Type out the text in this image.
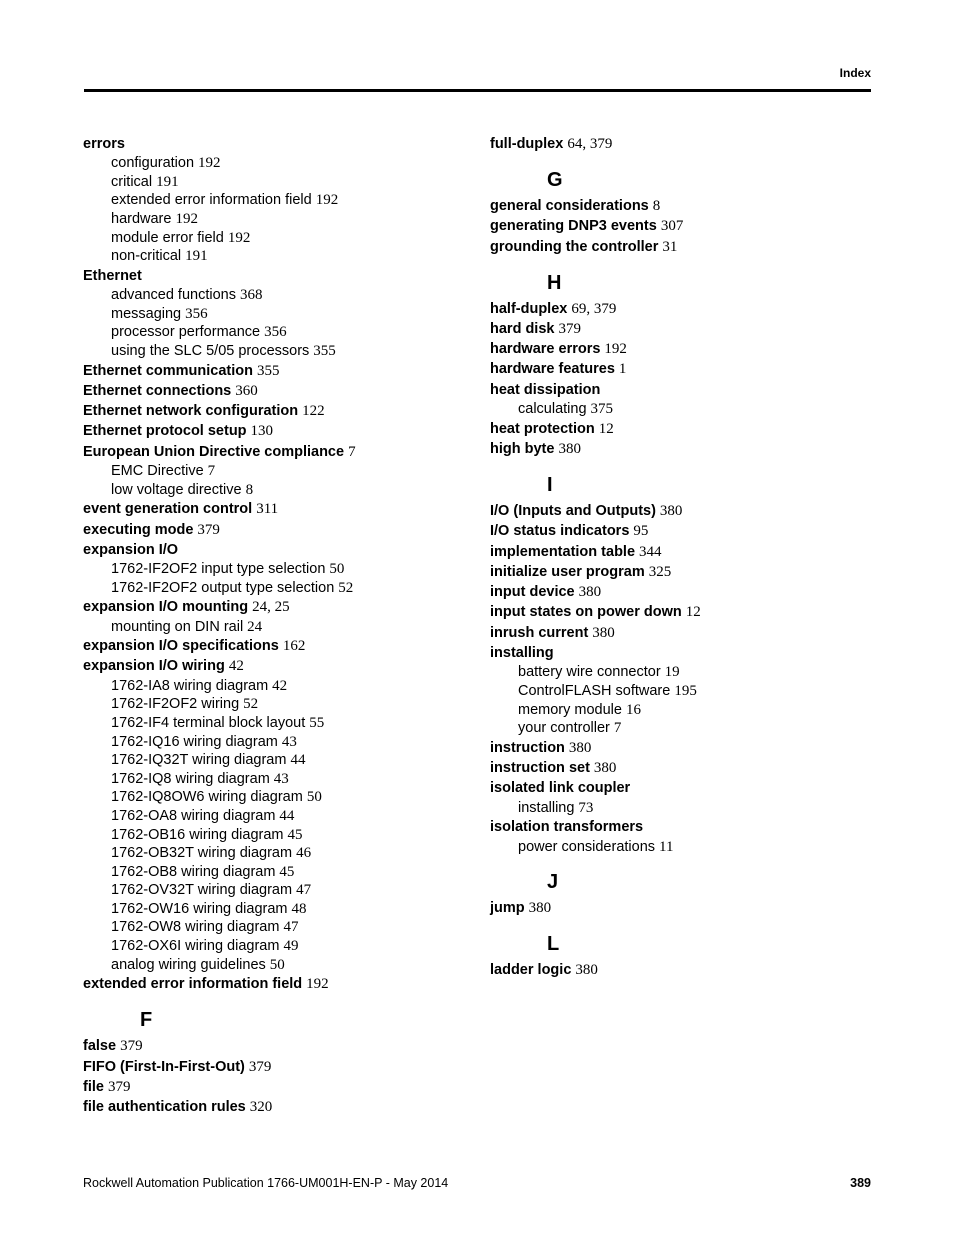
Index
errors
configuration 192
critical 191
extended error information field 192
hardware 192
module error field 192
non-critical 191
Ethernet
advanced functions 368
messaging 356
processor performance 356
using the SLC 5/05 processors 355
Ethernet communication 355
Ethernet connections 360
Ethernet network configuration 122
Ethernet protocol setup 130
European Union Directive compliance 7
EMC Directive 7
low voltage directive 8
event generation control 311
executing mode 379
expansion I/O
1762-IF2OF2 input type selection 50
1762-IF2OF2 output type selection 52
expansion I/O mounting 24, 25
mounting on DIN rail 24
expansion I/O specifications 162
expansion I/O wiring 42
1762-IA8 wiring diagram 42
1762-IF2OF2 wiring 52
1762-IF4 terminal block layout 55
1762-IQ16 wiring diagram 43
1762-IQ32T wiring diagram 44
1762-IQ8 wiring diagram 43
1762-IQ8OW6 wiring diagram 50
1762-OA8 wiring diagram 44
1762-OB16 wiring diagram 45
1762-OB32T wiring diagram 46
1762-OB8 wiring diagram 45
1762-OV32T wiring diagram 47
1762-OW16 wiring diagram 48
1762-OW8 wiring diagram 47
1762-OX6I wiring diagram 49
analog wiring guidelines 50
extended error information field 192
F
false 379
FIFO (First-In-First-Out) 379
file 379
file authentication rules 320
full-duplex 64, 379
G
general considerations 8
generating DNP3 events 307
grounding the controller 31
H
half-duplex 69, 379
hard disk 379
hardware errors 192
hardware features 1
heat dissipation
calculating 375
heat protection 12
high byte 380
I
I/O (Inputs and Outputs) 380
I/O status indicators 95
implementation table 344
initialize user program 325
input device 380
input states on power down 12
inrush current 380
installing
battery wire connector 19
ControlFLASH software 195
memory module 16
your controller 7
instruction 380
instruction set 380
isolated link coupler
installing 73
isolation transformers
power considerations 11
J
jump 380
L
ladder logic 380
Rockwell Automation Publication 1766-UM001H-EN-P - May 2014	389
